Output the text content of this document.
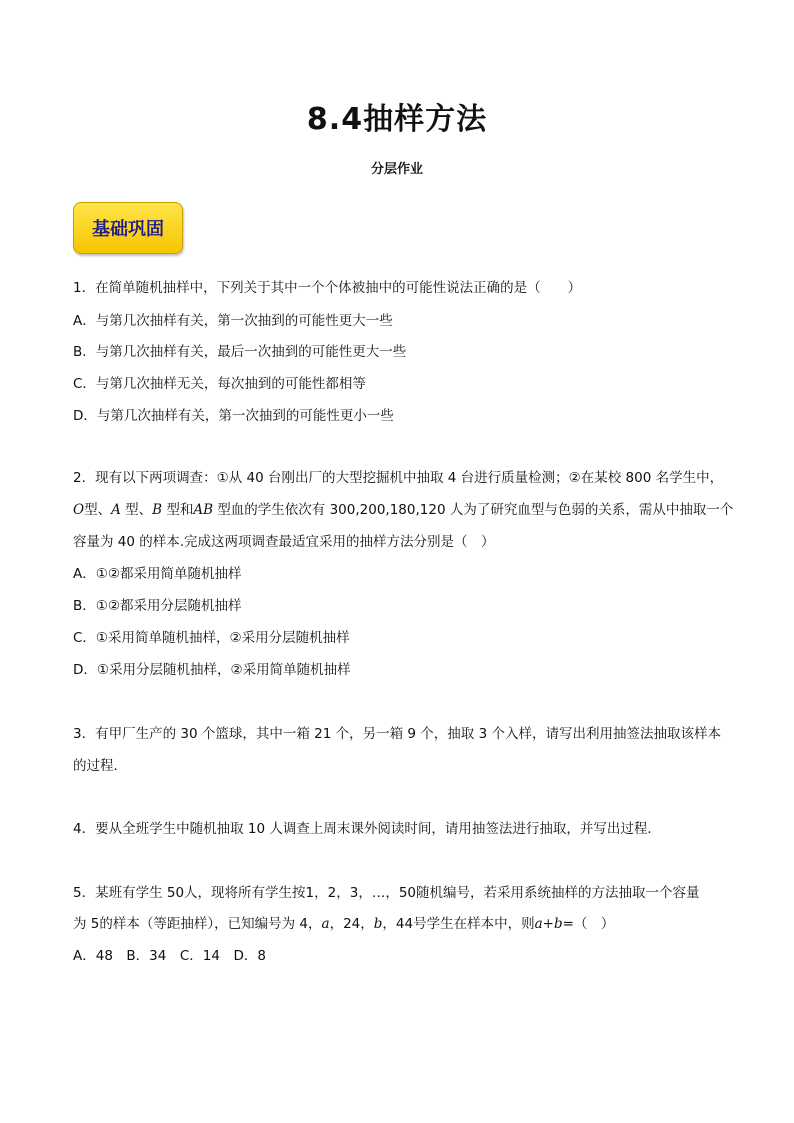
8.4抽样方法
分层作业
基础巩固
1．在简单随机抽样中，下列关于其中一个个体被抽中的可能性说法正确的是（　　）
A．与第几次抽样有关，第一次抽到的可能性更大一些
B．与第几次抽样有关，最后一次抽到的可能性更大一些
C．与第几次抽样无关，每次抽到的可能性都相等
D．与第几次抽样有关，第一次抽到的可能性更小一些
2．现有以下两项调查：①从 40 台刚出厂的大型挖掘机中抽取 4 台进行质量检测；②在某校 800 名学生中，
O型、A 型、B 型和AB 型血的学生依次有 300,200,180,120 人为了研究血型与色弱的关系，需从中抽取一个
容量为 40 的样本.完成这两项调查最适宜采用的抽样方法分别是（　）
A．①②都采用简单随机抽样
B．①②都采用分层随机抽样
C．①采用简单随机抽样，②采用分层随机抽样
D．①采用分层随机抽样，②采用简单随机抽样
3．有甲厂生产的 30 个篮球，其中一箱 21 个，另一箱 9 个，抽取 3 个入样，请写出利用抽签法抽取该样本
的过程．
4．要从全班学生中随机抽取 10 人调查上周末课外阅读时间，请用抽签法进行抽取，并写出过程．
5．某班有学生 50人，现将所有学生按1，2，3，…，50随机编号，若采用系统抽样的方法抽取一个容量
为 5的样本（等距抽样），已知编号为 4，a，24，b，44号学生在样本中，则a+b=（　）
A．48　B．34　C．14　D．8
